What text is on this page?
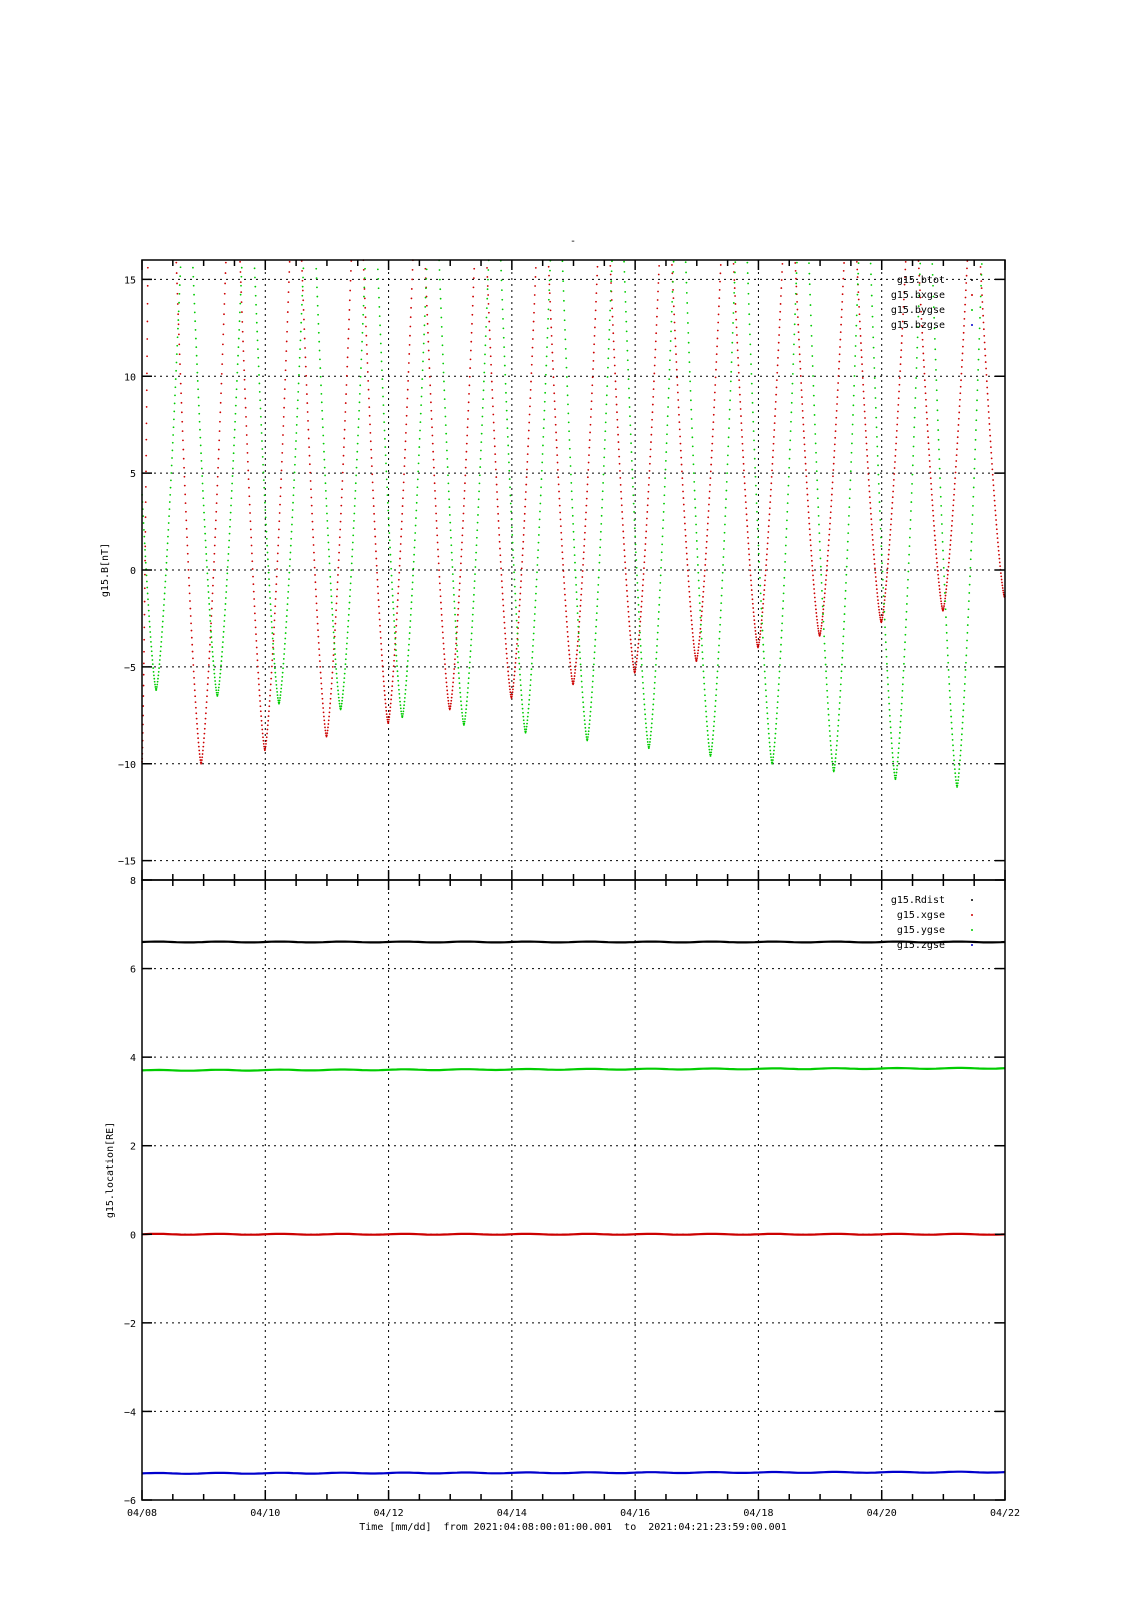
-
−15
−10
−5
0
5
10
15	g15.btot
g15.bxgse
g15.bygse
g15.bzgse
g15.B[nT]
−6
−4
−2
0
2
4
6
8
04/08	04/10	04/12	04/14	04/16	04/18	04/20	04/22
g15.Rdist
g15.xgse
g15.ygse
g15.zgse
g15.location[RE]
Time [mm/dd]  from 2021:04:08:00:01:00.001  to  2021:04:21:23:59:00.001
